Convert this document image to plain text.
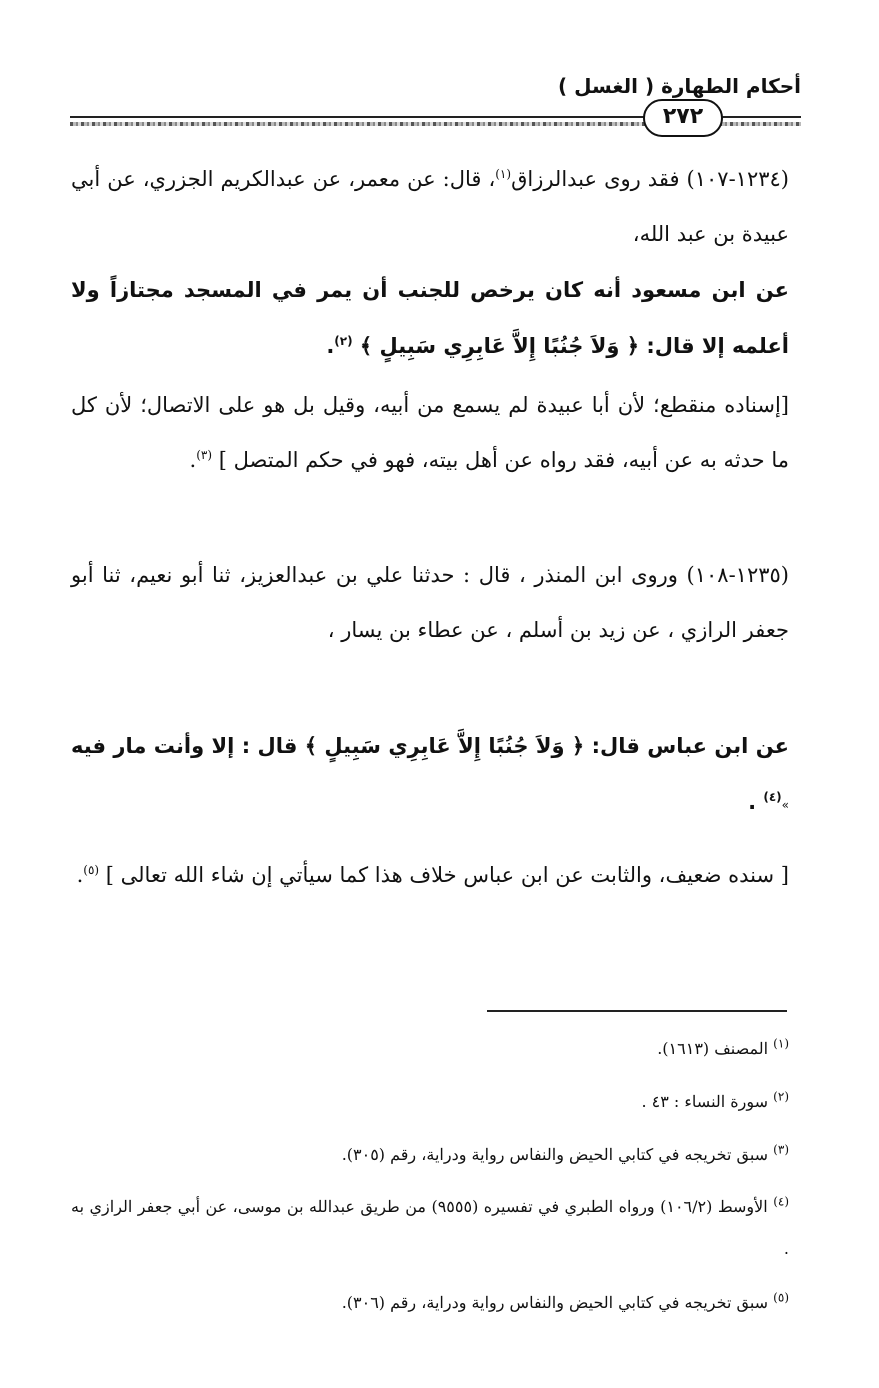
أحكام الطهارة ( الغسل )
٢٧٢
(١٢٣٤-١٠٧) فقد روى عبدالرزاق$^{(١)}$، قال: عن معمر، عن عبدالكريم الجزري، عن أبي عبيدة بن عبد الله،
عن ابن مسعود أنه كان يرخص للجنب أن يمر في المسجد مجتازاً ولا أعلمه إلا قال: ﴿ وَلاَ جُنُبًا إِلاَّ عَابِرِي سَبِيلٍ ﴾ $^{(٢)}$.
[إسناده منقطع؛ لأن أبا عبيدة لم يسمع من أبيه، وقيل بل هو على الاتصال؛ لأن كل ما حدثه به عن أبيه، فقد رواه عن أهل بيته، فهو في حكم المتصل ] $^{(٣)}$.
(١٢٣٥-١٠٨) وروى ابن المنذر ، قال : حدثنا علي بن عبدالعزيز، ثنا أبو نعيم، ثنا أبو جعفر الرازي ، عن زيد بن أسلم ، عن عطاء بن يسار ،
عن ابن عباس قال: ﴿ وَلاَ جُنُبًا إِلاَّ عَابِرِي سَبِيلٍ ﴾ قال : إلا وأنت مار فيه »$^{(٤)}$ .
[ سنده ضعيف، والثابت عن ابن عباس خلاف هذا كما سيأتي إن شاء الله تعالى ] $^{(٥)}$.
$^{(١)}$ المصنف (١٦١٣).
$^{(٢)}$ سورة النساء : ٤٣ .
$^{(٣)}$ سبق تخريجه في كتابي الحيض والنفاس رواية ودراية، رقم (٣٠٥).
$^{(٤)}$ الأوسط (١٠٦/٢) ورواه الطبري في تفسيره (٩٥٥٥) من طريق عبدالله بن موسى، عن أبي جعفر الرازي به .
$^{(٥)}$ سبق تخريجه في كتابي الحيض والنفاس رواية ودراية، رقم (٣٠٦).
